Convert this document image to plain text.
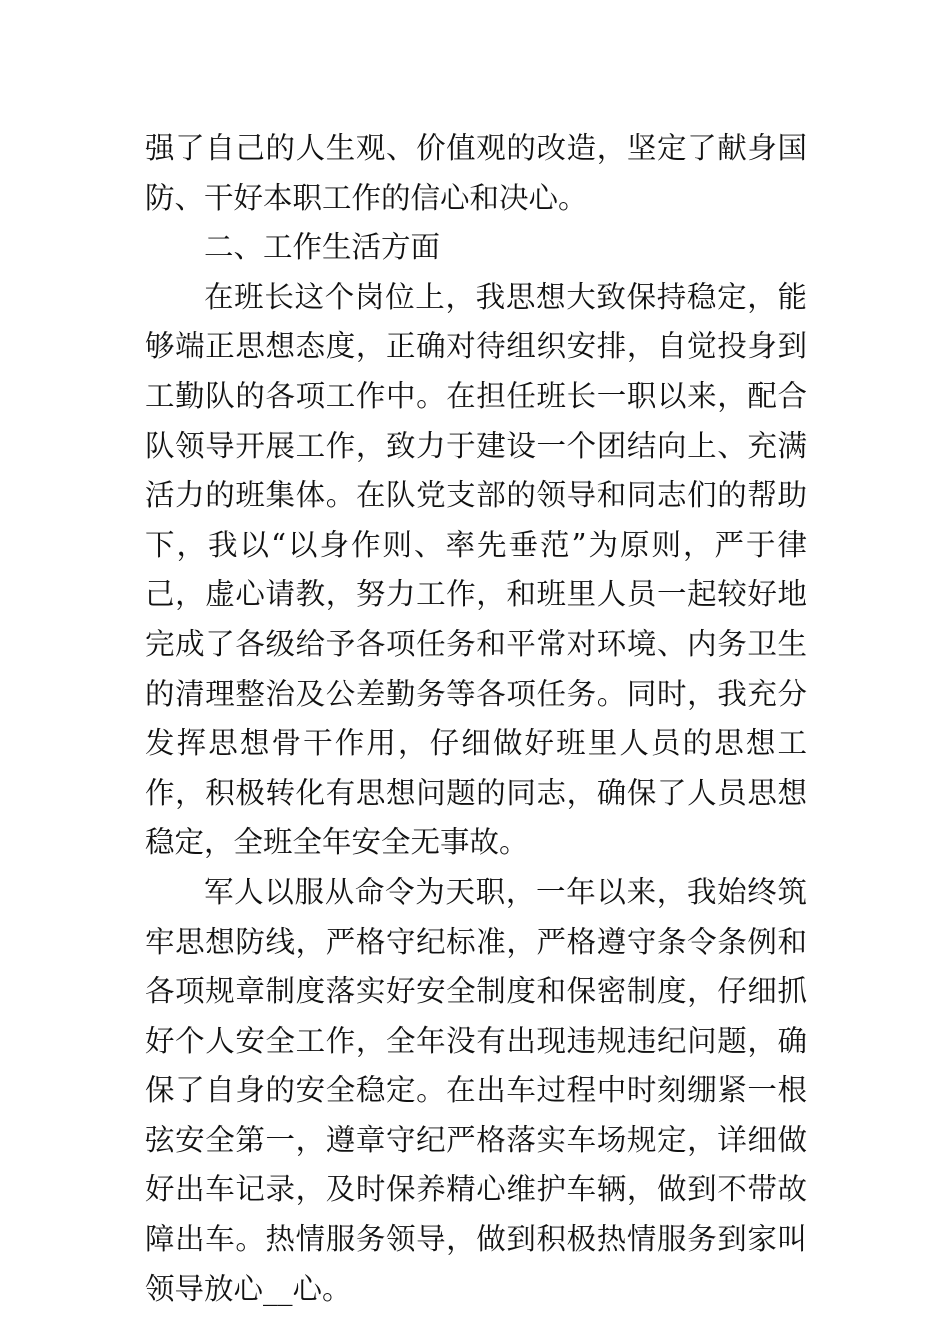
强了自己的人生观、价值观的改造，坚定了献身国防、干好本职工作的信心和决心。

二、工作生活方面

在班长这个岗位上，我思想大致保持稳定，能够端正思想态度，正确对待组织安排，自觉投身到工勤队的各项工作中。在担任班长一职以来，配合队领导开展工作，致力于建设一个团结向上、充满活力的班集体。在队党支部的领导和同志们的帮助下，我以“以身作则、率先垂范”为原则，严于律己，虚心请教，努力工作，和班里人员一起较好地完成了各级给予各项任务和平常对环境、内务卫生的清理整治及公差勤务等各项任务。同时，我充分发挥思想骨干作用，仔细做好班里人员的思想工作，积极转化有思想问题的同志，确保了人员思想稳定，全班全年安全无事故。

军人以服从命令为天职，一年以来，我始终筑牢思想防线，严格守纪标准，严格遵守条令条例和各项规章制度落实好安全制度和保密制度，仔细抓好个人安全工作，全年没有出现违规违纪问题，确保了自身的安全稳定。在出车过程中时刻绷紧一根弦安全第一，遵章守纪严格落实车场规定，详细做好出车记录，及时保养精心维护车辆，做到不带故障出车。热情服务领导，做到积极热情服务到家叫领导放心__心。
